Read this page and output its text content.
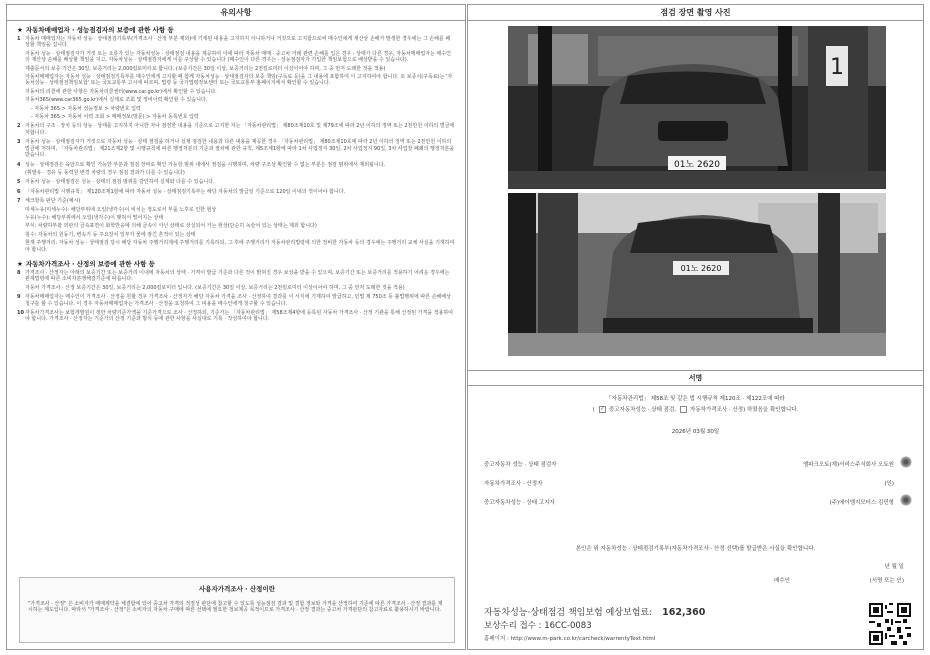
유의사항
★ 자동차매매업자 · 성능점검자의 보증에 관한 사항 등
1 자동차 매매업자는 자동차 성능 · 상태점검기록부(가격조사 · 산정 부분 제외)에 기재된 내용을 고지하지 아니하거나 거짓으로 고지함으로써 매수인에게 재산상 손해가 발생한 경우에는 그 손해를 배상할 책임을 집니다.

자동차 성능 · 상태점검자가 거짓 또는 오류가 있는 자동차성능 · 상태점검 내용을 제공하여 이에 따라 자동차 매매 · 중고차 거래 관련 손해를 입은 경우 · 상태가 다른 경우, 자동차매매업자는 매수인의 재산상 손해를 배상할 책임을 지고, 자동차성능 · 상태점검자에게 이를 구상할 수 있습니다 (매수인이 다른 경우는 · 성능점검자가 가입한 책임보험으로 배상받을 수 있습니다).

제출문서의 보증 기간은 30일, 보증거리는 2,000킬로미터로 합니다. (보증기간은 30일 이상, 보증거리는 2천킬로미터 이상이어야 하며, 그 중 먼저 도래한 것을 적용)

자동차매매업자는 자동차 성능 · 상태점검기록부를 매수인에게 고지할 때 함께 자동차성능 · 상태점검자의 보증 책임(구독료 등)을 그 내용에 포함하여 이 고지하여야 합니다. 또 보증서(구독료)는 '자동차성능 · 상태점검책임보험' 또는 국토교통부 고시에 따르며, 법령 등 국가법령정보센터 또는 국토교통부 홈페이지에서 확인할 수 있습니다.

자동차의 리콜에 관한 사항은 자동차리콜센터(www.car.go.kr)에서 확인할 수 있습니다.

자동차365(www.car365.go.kr)에서 실제로 조회 및 정비이력 확인할 수 있습니다.

- 자동차 365 > 자동차 성능정보 > 차량번호 입력

- 자동차 365 > 자동차 이력 조회 > 매매정보(방문) > 자동차 등록번호 입력

2 자동차의 구조 · 장치 등의 성능 · 상태를 고지하지 아니한 자나 점검한 내용을 기준으로 고지한 자는 「자동차관리법」 제80조제10호 및 제79조에 따라 2년 이하의 징역 또는 2천만원 이하의 벌금에 처합니다.

3 자동차 성능 · 상태점검자가 거짓으로 자동차 성능 · 상태 점검을 하거나 실제 점검한 내용과 다른 내용을 제공한 경우 「자동차관리법」 제80조제10호에 따라 2년 이하의 징역 또는 2천만원 이하의 벌금에 처하며, 「자동차관리법」 제21조제2항 및 시행규칙에 따른 행정처분의 기준과 절차에 관한 규칙, 제5조제1항에 따라 1차 사업정지 30일, 2차 사업정지 90일, 3차 사업장 폐쇄의 행정처분을 받습니다.

4 성능 · 상태점검은 육안으로 확인 가능한 부분과 점검 장비로 확인 가능한 범위 내에서 점검을 시행하며, 차량 구조상 확인할 수 없는 부분은 점검 범위에서 제외됩니다.

(휘발유 · 경유 등 동력원 변경 차량의 경우 점검 결과가 다를 수 있습니다)

5 자동차 성능 · 상태점검은 성능 · 상태의 점검 범위를 감안하여 실제와 다를 수 있습니다.

6 「자동차관리법 시행규칙」 제120조제1항에 따라 자동차 성능 · 상태점검기록부는 해당 자동차의 발급일 기준으로 120일 이내의 것이어야 합니다.

7 체크항목 판단 기준(예시)

미세누유(미세누수): 해당부위에 오일(냉각수)이 비치는 정도로서 부품 노후로 인한 현상

누유(누수): 해당부위에서 오일(냉각수)이 맺혀서 떨어지는 상태

부식: 차량하부와 외판의 금속표면이 화학반응에 의해 금속이 아닌 상태로 상실되어 가는 현상(단순히 녹슬어 있는 상태는 제외 합니다)

침수: 자동차의 원동기, 변속기 등 주요장치 일부가 물에 잠긴 흔적이 있는 상태

현재 주행거리: 자동차 성능 · 상태점검 당시 해당 자동차 주행거리계에 주행거리를 기록하되, 그 후에 주행거리가 자동차관리법령에 의한 정비한 자동차 등의 경우에는 주행거리 교체 사실을 기재하여야 합니다.

★ 자동차가격조사 · 산정의 보증에 관한 사항 등
8 가격조사 · 산정자는 아래의 보증기간 또는 보증거리 이내에 자동차의 상태 · 가격이 발급 기준과 다른 것이 밝혀진 경우 보상을 받을 수 있으며, 보증기간 또는 보증거리를 적용하기 어려운 경우에는 관계법령에 따른 소비자분쟁해결기준에 따릅니다.

자동차 가격조사 · 산정 보증기간은 30일, 보증거리는 2,000킬로미터 입니다. (보증기간은 30일 이상, 보증거리는 2천킬로미터 이상이어야 하며, 그 중 먼저 도래한 것을 적용)

9 자동차매매업자는 매수인이 가격조사 · 산정을 원할 경우 가격조사 · 산정자가 해당 자동차 가격을 조사 · 산정하여 결과를 이 서식에 기재하여 발급하고, 민법 제 750조 등 불법행위에 따른 손해배상 청구를 할 수 있습니다. 이 경우 자동차매매업자는 가격조사 · 산정을 요청하여 그 비용을 매수인에게 청구할 수 있습니다.

10 자동차가격조사는 보험개발원이 정한 차량기준가액을 기준가격으로 조사 · 산정하되, 기준가는 「자동차관리법」 제58조제4항에 등록된 자동차 가격조사 · 산정 기관을 통해 산정된 가격을 적용하여야 합니다. 가격조사 · 산정자는 기준가의 산정 기준과 방식 등에 관한 사항을 사실대로 기록 · 작성하여야 합니다.

사용자가격조사 · 산정이란
"가격조사 · 산정" 은 소비자가 매매계약을 체결함에 있어 중고차 가격의 적정성 판단에 참고할 수 있도록 성능점검 결과 및 결함 정보와 가격을 산정하여 기준에 따른 가격조사 · 산정 결과를 제시하는 제도입니다. 따라서 "가격조사 · 산정"은 소비자의 자동차 구매에 따른 선택에 필요한 정보제공 목적이므로 가격조사 · 산정 결과는 중고차 가격판단의 참고자료로 활용하시기 바랍니다.
점검 장면 촬영 사진
1
01노 2620
01노 2620
서명
「자동차관리법」 제58조 및 같은 법 시행규칙 제120조 · 제122조에 따라
( ✓ 중고자동차성능 · 상태 점검,	자동차가격조사 · 산정) 하였음을 확인합니다.
2026년 03월 30일
중고자동차 성능 · 상태 점검자	엠파크오토(재)서비스주식회사 오토원
자동차가격조사 · 산정자	(인)
중고자동차성능 · 상태 고지자	(주)에이엠지모터스 김민형
본인은 위 자동차성능 · 상태점검기록부(자동차가격조사 · 산정 선택)를 발급받은 사실을 확인합니다.
년 월 일
매수인	(서명 또는 인)
자동차성능·상태점검 책임보험 예상보험료: 162,360
보상수리 접수 : 16CC-0083
홈페이지 : http://www.m-park.co.kr/carcheck/warrentyText.html
